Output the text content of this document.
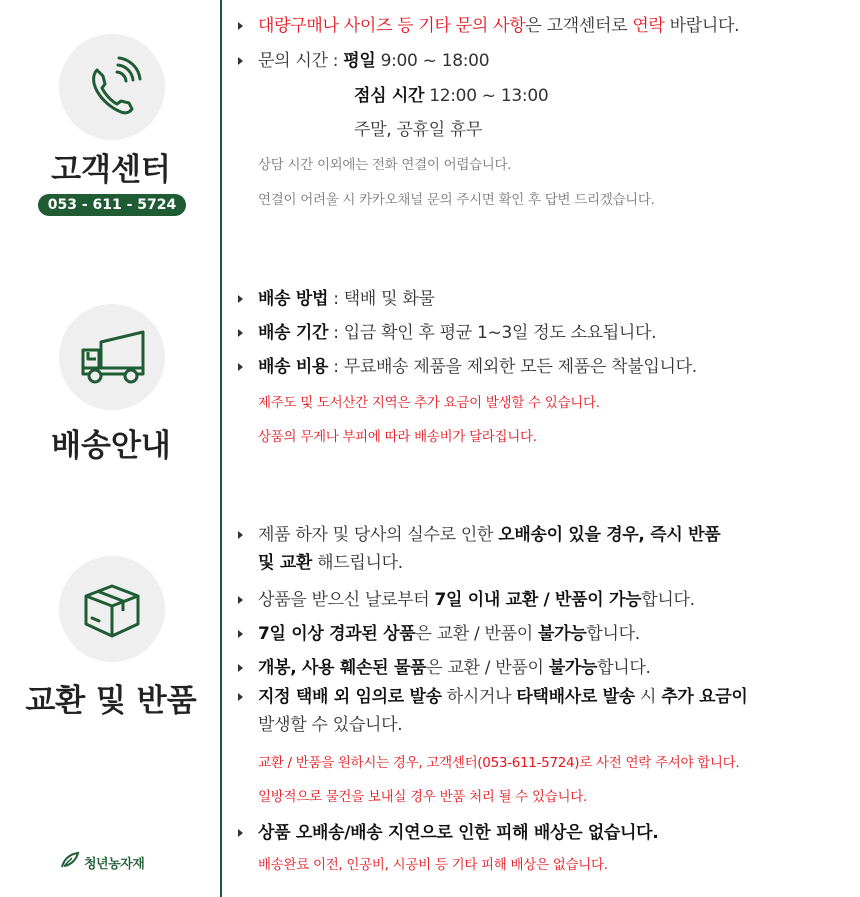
고객센터
053 - 611 - 5724
배송안내
교환 및 반품
청년농자재
대량구매나 사이즈 등 기타 문의 사항은 고객센터로 연락 바랍니다.
문의 시간 : 평일 9:00 ~ 18:00
점심 시간 12:00 ~ 13:00
주말, 공휴일 휴무
상담 시간 이외에는 전화 연결이 어렵습니다.
연결이 어려울 시 카카오채널 문의 주시면 확인 후 답변 드리겠습니다.
배송 방법 : 택배 및 화물
배송 기간 : 입금 확인 후 평균 1~3일 정도 소요됩니다.
배송 비용 : 무료배송 제품을 제외한 모든 제품은 착불입니다.
제주도 및 도서산간 지역은 추가 요금이 발생할 수 있습니다.
상품의 무게나 부피에 따라 배송비가 달라집니다.
제품 하자 및 당사의 실수로 인한 오배송이 있을 경우, 즉시 반품
및 교환 해드립니다.
상품을 받으신 날로부터 7일 이내 교환 / 반품이 가능합니다.
7일 이상 경과된 상품은 교환 / 반품이 불가능합니다.
개봉, 사용 훼손된 물품은 교환 / 반품이 불가능합니다.
지정 택배 외 임의로 발송 하시거나 타택배사로 발송 시 추가 요금이
발생할 수 있습니다.
교환 / 반품을 원하시는 경우, 고객센터(053-611-5724)로 사전 연락 주셔야 합니다.
일방적으로 물건을 보내실 경우 반품 처리 될 수 있습니다.
상품 오배송/배송 지연으로 인한 피해 배상은 없습니다.
배송완료 이전, 인공비, 시공비 등 기타 피해 배상은 없습니다.
